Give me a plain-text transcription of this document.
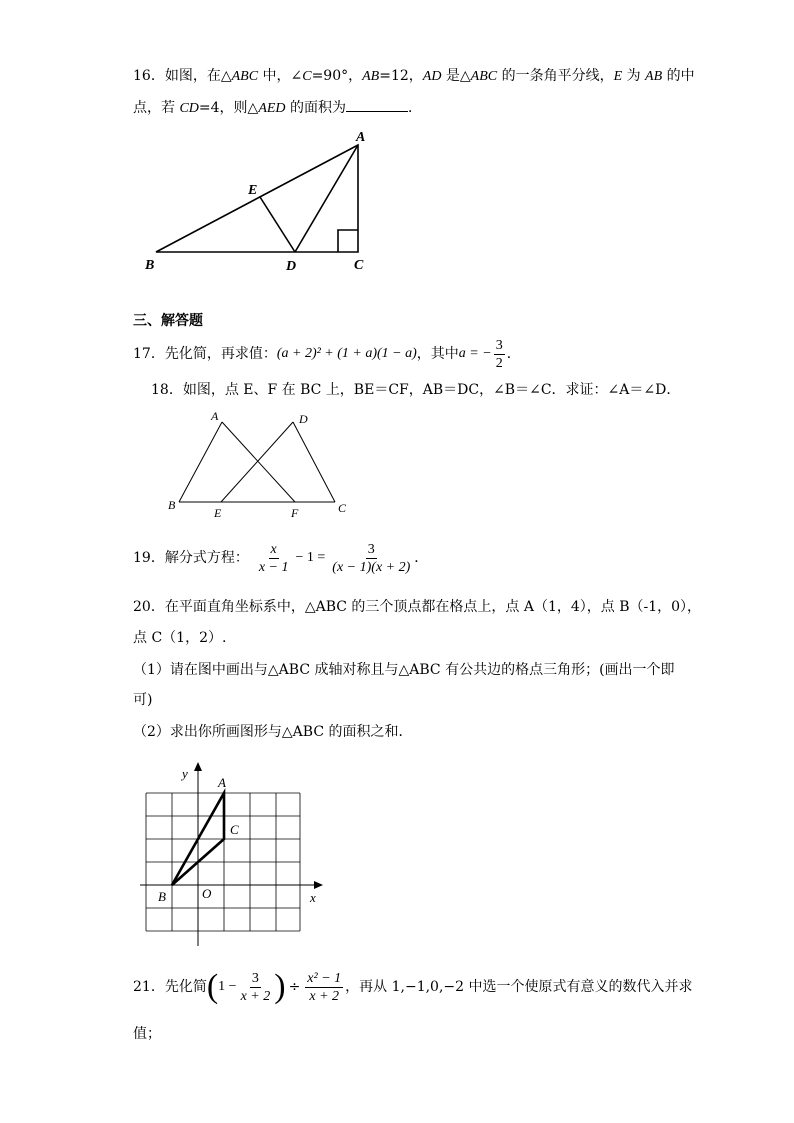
16．如图，在△ABC 中，∠C=90°，AB=12，AD 是△ABC 的一条角平分线，E 为 AB 的中
点，若 CD=4，则△AED 的面积为	．
A
B	C
D
E
三、解答题
17．先化简，再求值： (a + 2)² + (1 + a)(1 − a) ，其中 a = − $\frac{3}{2}$ ．
18．如图，点 E、F 在 BC 上，BE＝CF，AB＝DC，∠B＝∠C．求证：∠A＝∠D．
A	D
B
E	F	C
19．解分式方程： $\frac{x}{x - 1} - 1 = \frac{3}{(x - 1)(x + 2)}$ ．
20．在平面直角坐标系中，△ABC 的三个顶点都在格点上，点 A（1，4），点 B（-1，0），
点 C（1，2）.
（1）请在图中画出与△ABC 成轴对称且与△ABC 有公共边的格点三角形；(画出一个即
可)
（2）求出你所画图形与△ABC 的面积之和．
y
x
A
C
B	O
21．先化简 ( $1 - \frac{3}{x + 2}$ ) ÷ $\frac{\text{x² − 1}}{x + 2}$ ，再从 1,−1,0,−2 中选一个使原式有意义的数代入并求
值；
